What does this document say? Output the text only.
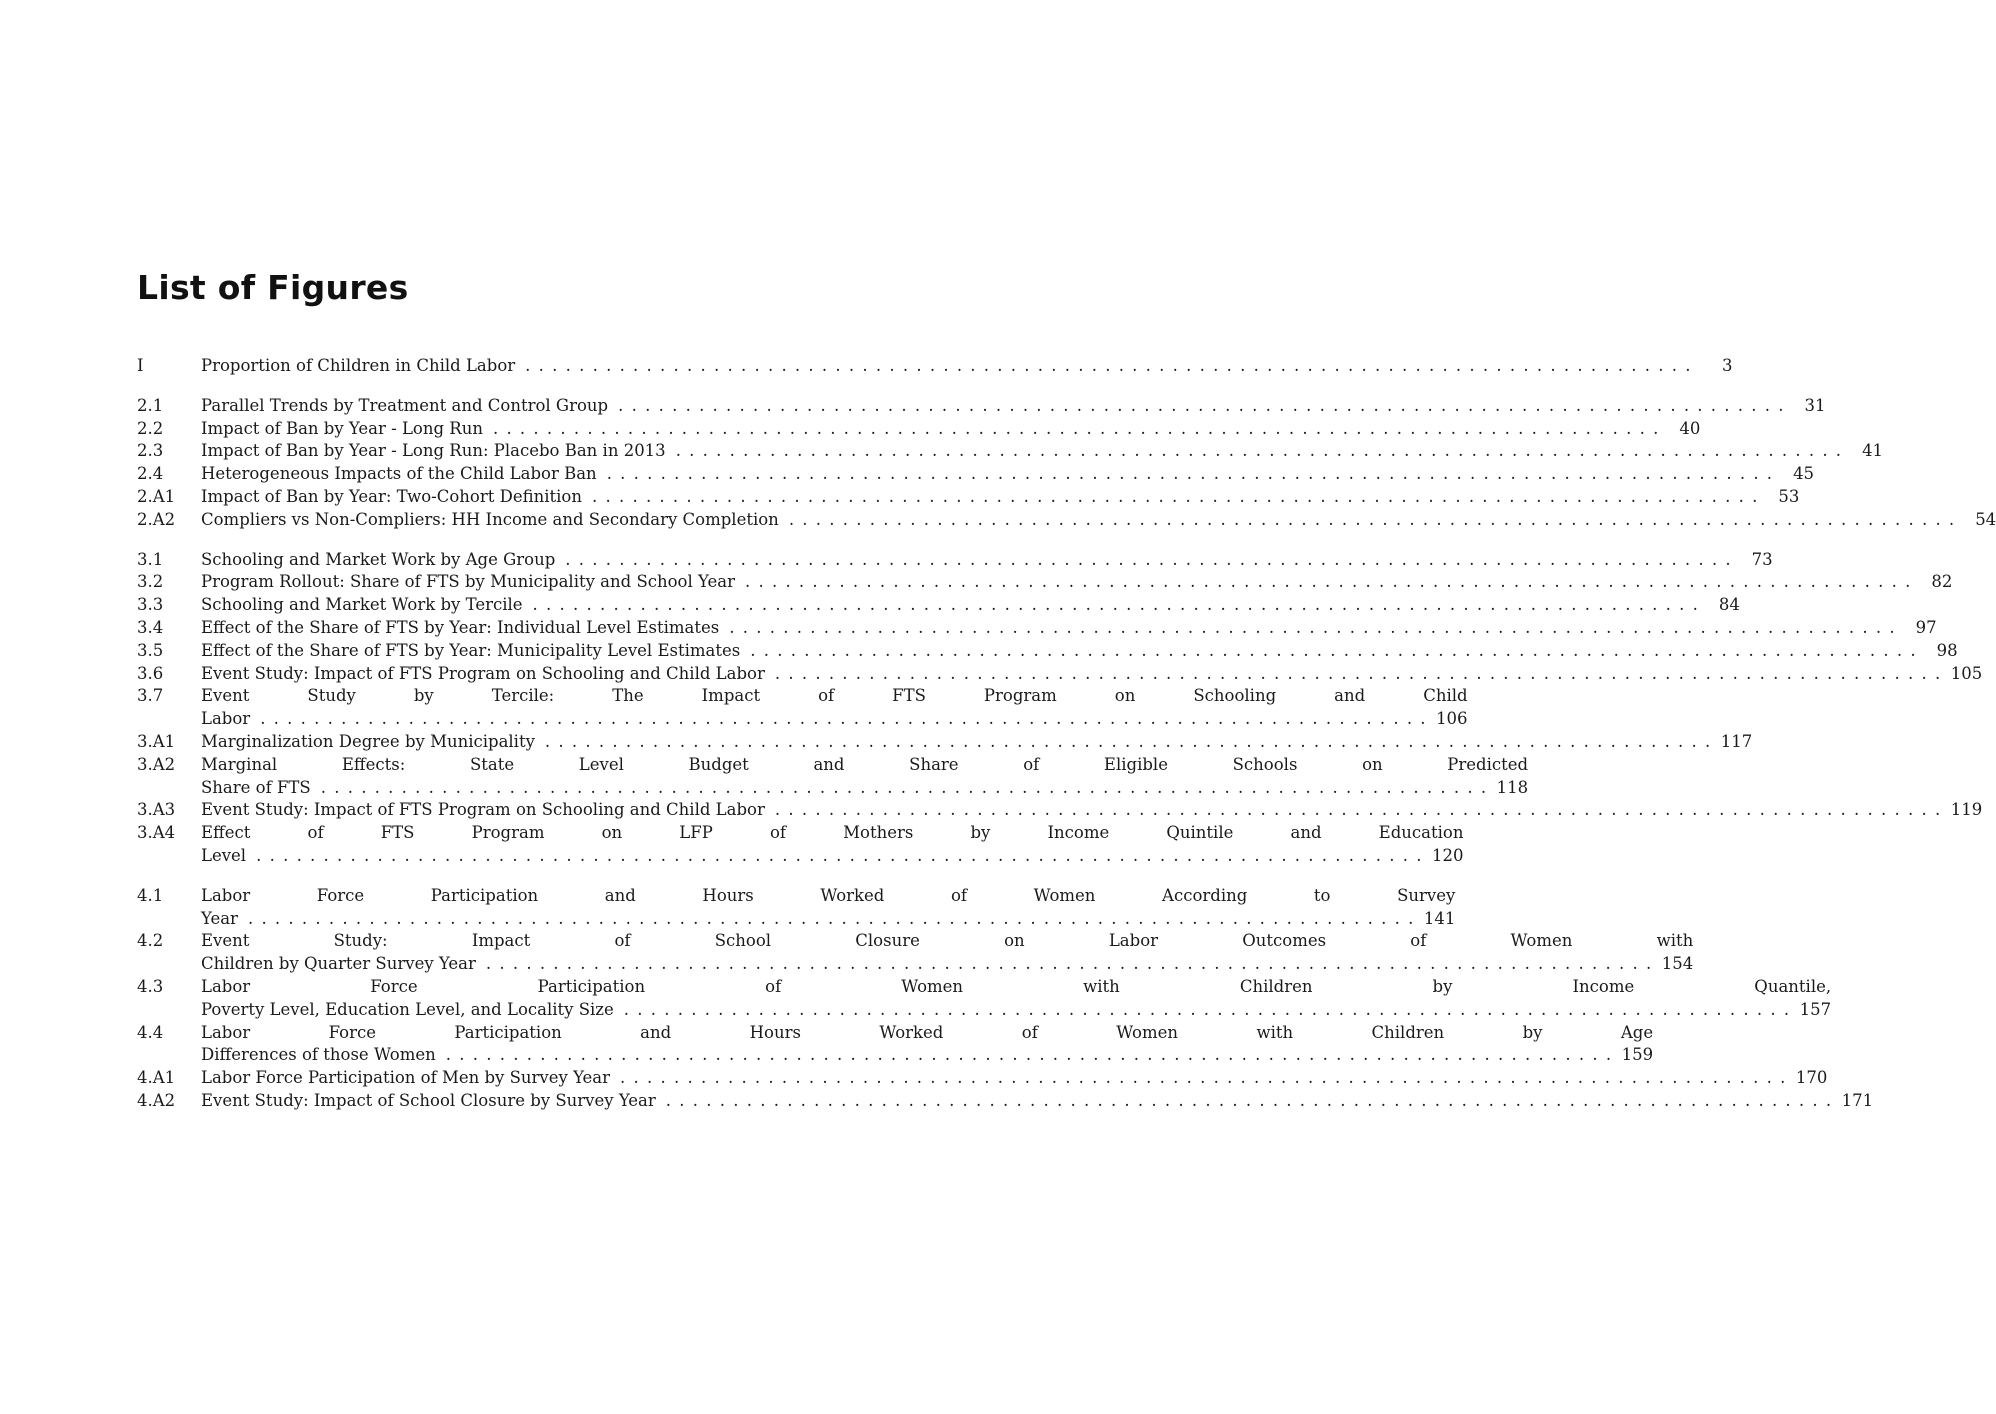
List of Figures
I	Proportion of Children in Child Labor . . .	3
2.1	Parallel Trends by Treatment and Control Group . . .	31
2.2	Impact of Ban by Year - Long Run . . .	40
2.3	Impact of Ban by Year - Long Run: Placebo Ban in 2013 . . .	41
2.4	Heterogeneous Impacts of the Child Labor Ban . . .	45
2.A1	Impact of Ban by Year: Two-Cohort Definition . . .	53
2.A2	Compliers vs Non-Compliers: HH Income and Secondary Completion . . .	54
3.1	Schooling and Market Work by Age Group . . .	73
3.2	Program Rollout: Share of FTS by Municipality and School Year . . .	82
3.3	Schooling and Market Work by Tercile . . .	84
3.4	Effect of the Share of FTS by Year: Individual Level Estimates . . .	97
3.5	Effect of the Share of FTS by Year: Municipality Level Estimates . . .	98
3.6	Event Study: Impact of FTS Program on Schooling and Child Labor . . .	105
3.7	Event Study by Tercile: The Impact of FTS Program on Schooling and Child
Labor . . .	106
3.A1	Marginalization Degree by Municipality . . .	117
3.A2	Marginal Effects: State Level Budget and Share of Eligible Schools on Predicted
Share of FTS . . .	118
3.A3	Event Study: Impact of FTS Program on Schooling and Child Labor . . .	119
3.A4	Effect of FTS Program on LFP of Mothers by Income Quintile and Education
Level . . .	120
4.1	Labor Force Participation and Hours Worked of Women According to Survey
Year . . .	141
4.2	Event Study: Impact of School Closure on Labor Outcomes of Women with
Children by Quarter Survey Year . . .	154
4.3	Labor Force Participation of Women with Children by Income Quantile,
Poverty Level, Education Level, and Locality Size . . .	157
4.4	Labor Force Participation and Hours Worked of Women with Children by Age
Differences of those Women . . .	159
4.A1	Labor Force Participation of Men by Survey Year . . .	170
4.A2	Event Study: Impact of School Closure by Survey Year . . .	171
